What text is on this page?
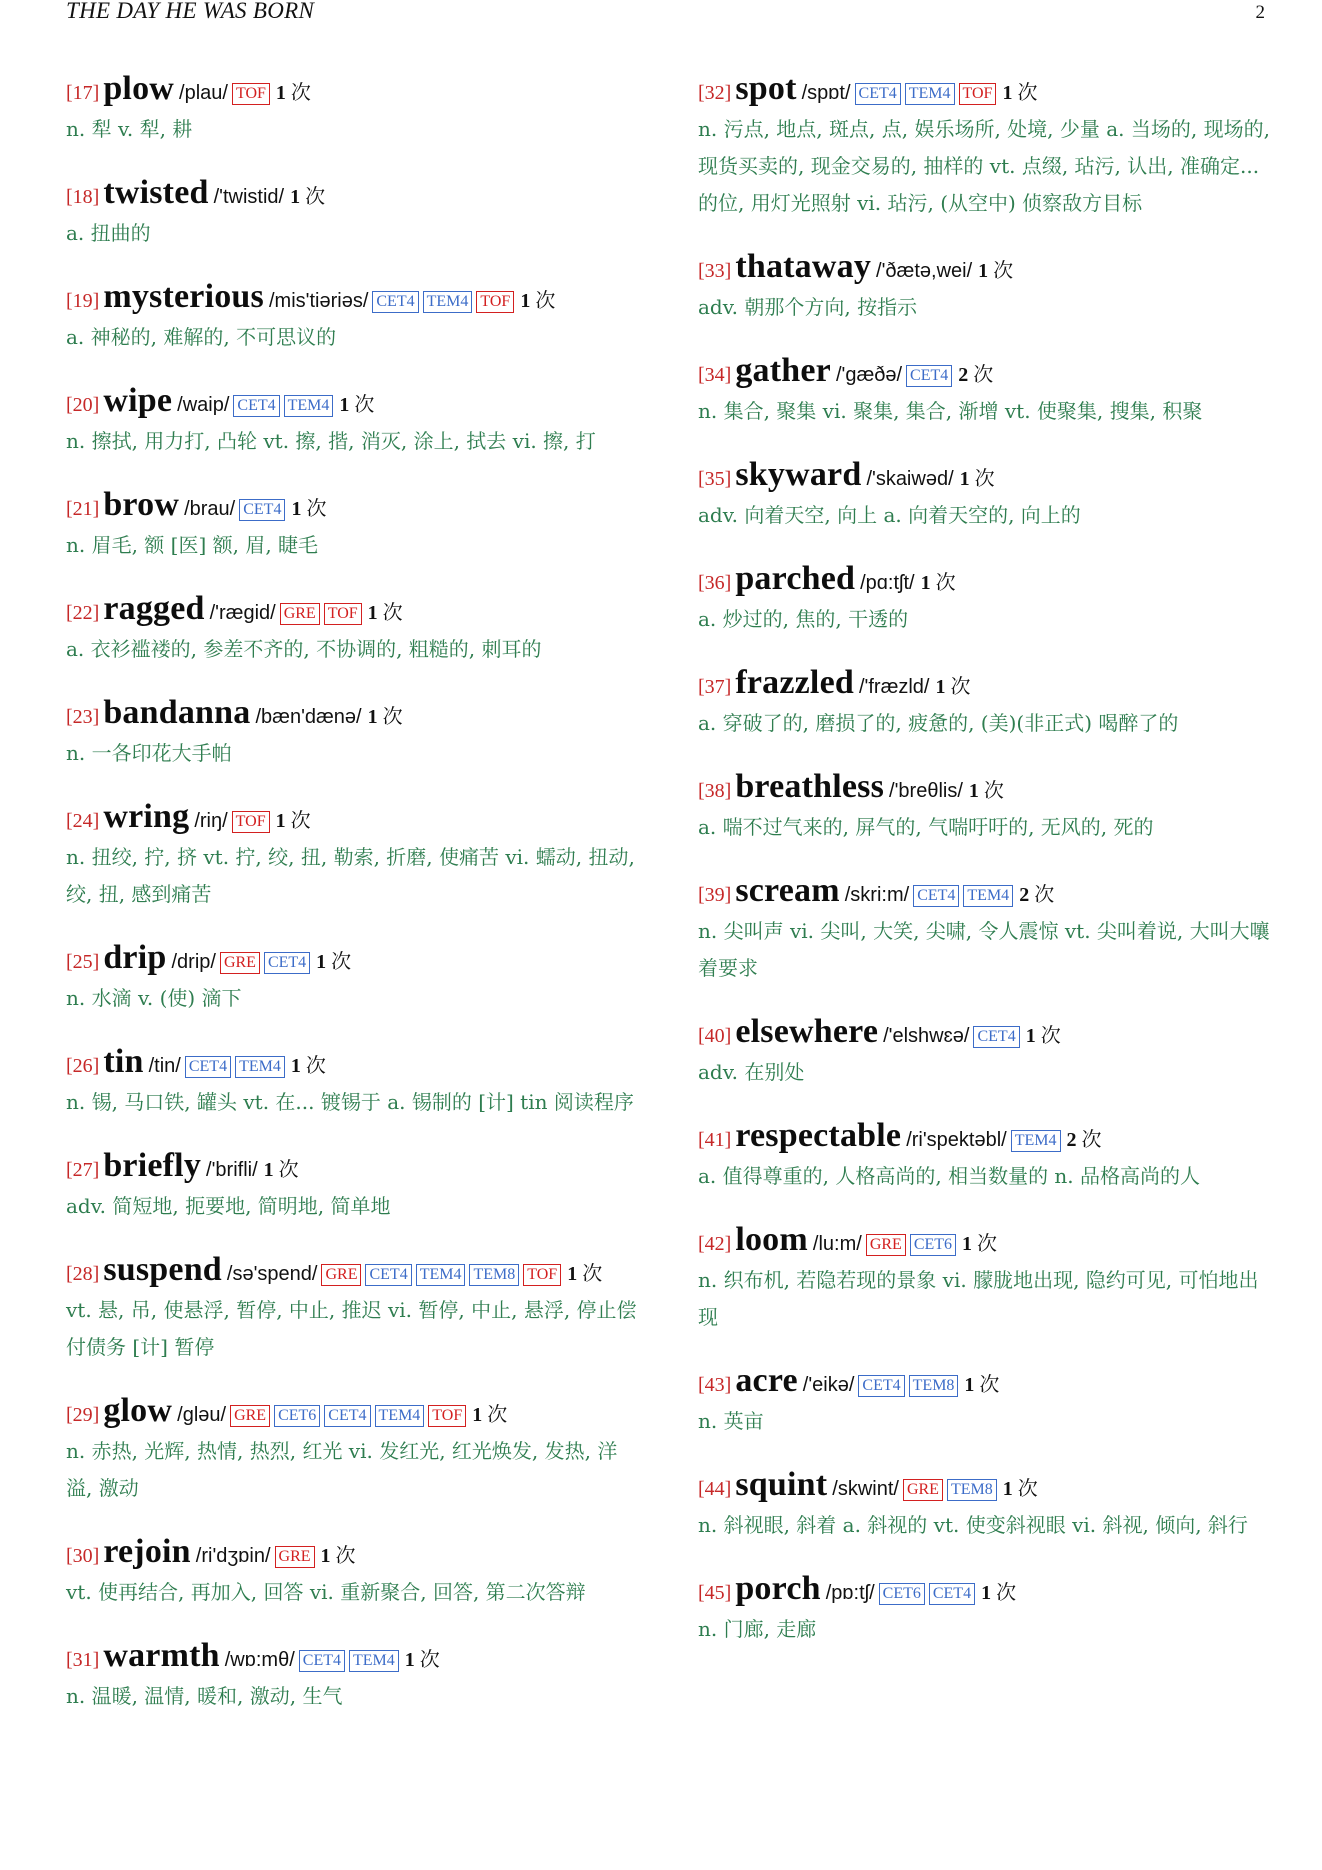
THE DAY HE WAS BORN	2
[17] plow /plau/ TOF 1 次
n. 犁 v. 犁, 耕
[18] twisted /'twistid/ 1 次
a. 扭曲的
[19] mysterious /mis'tiəriəs/ CET4 TEM4 TOF 1 次
a. 神秘的, 难解的, 不可思议的
[20] wipe /waip/ CET4 TEM4 1 次
n. 擦拭, 用力打, 凸轮 vt. 擦, 揩, 消灭, 涂上, 拭去 vi. 擦, 打
[21] brow /brau/ CET4 1 次
n. 眉毛, 额 [医] 额, 眉, 睫毛
[22] ragged /'rægid/ GRE TOF 1 次
a. 衣衫褴褛的, 参差不齐的, 不协调的, 粗糙的, 刺耳的
[23] bandanna /bæn'dænə/ 1 次
n. 一各印花大手帕
[24] wring /riŋ/ TOF 1 次
n. 扭绞, 拧, 挤 vt. 拧, 绞, 扭, 勒索, 折磨, 使痛苦 vi. 蠕动, 扭动, 绞, 扭, 感到痛苦
[25] drip /drip/ GRE CET4 1 次
n. 水滴 v. (使) 滴下
[26] tin /tin/ CET4 TEM4 1 次
n. 锡, 马口铁, 罐头 vt. 在... 镀锡于 a. 锡制的 [计] tin 阅读程序
[27] briefly /'brifli/ 1 次
adv. 简短地, 扼要地, 简明地, 简单地
[28] suspend /sə'spend/ GRE CET4 TEM4 TEM8 TOF 1 次
vt. 悬, 吊, 使悬浮, 暂停, 中止, 推迟 vi. 暂停, 中止, 悬浮, 停止偿付债务 [计] 暂停
[29] glow /gləu/ GRE CET6 CET4 TEM4 TOF 1 次
n. 赤热, 光辉, 热情, 热烈, 红光 vi. 发红光, 红光焕发, 发热, 洋溢, 激动
[30] rejoin /ri'dʒɒin/ GRE 1 次
vt. 使再结合, 再加入, 回答 vi. 重新聚合, 回答, 第二次答辩
[31] warmth /wɒ:mθ/ CET4 TEM4 1 次
n. 温暖, 温情, 暖和, 激动, 生气
[32] spot /spɒt/ CET4 TEM4 TOF 1 次
n. 污点, 地点, 斑点, 点, 娱乐场所, 处境, 少量 a. 当场的, 现场的, 现货买卖的, 现金交易的, 抽样的 vt. 点缀, 玷污, 认出, 准确定... 的位, 用灯光照射 vi. 玷污, (从空中) 侦察敌方目标
[33] thataway /'ðætə,wei/ 1 次
adv. 朝那个方向, 按指示
[34] gather /'gæðə/ CET4 2 次
n. 集合, 聚集 vi. 聚集, 集合, 渐增 vt. 使聚集, 搜集, 积聚
[35] skyward /'skaiwəd/ 1 次
adv. 向着天空, 向上 a. 向着天空的, 向上的
[36] parched /pɑ:tʃt/ 1 次
a. 炒过的, 焦的, 干透的
[37] frazzled /'fræzld/ 1 次
a. 穿破了的, 磨损了的, 疲惫的, (美)(非正式) 喝醉了的
[38] breathless /'breθlis/ 1 次
a. 喘不过气来的, 屏气的, 气喘吁吁的, 无风的, 死的
[39] scream /skri:m/ CET4 TEM4 2 次
n. 尖叫声 vi. 尖叫, 大笑, 尖啸, 令人震惊 vt. 尖叫着说, 大叫大嚷着要求
[40] elsewhere /'elshwɛə/ CET4 1 次
adv. 在别处
[41] respectable /ri'spektəbl/ TEM4 2 次
a. 值得尊重的, 人格高尚的, 相当数量的 n. 品格高尚的人
[42] loom /lu:m/ GRE CET6 1 次
n. 织布机, 若隐若现的景象 vi. 朦胧地出现, 隐约可见, 可怕地出现
[43] acre /'eikə/ CET4 TEM8 1 次
n. 英亩
[44] squint /skwint/ GRE TEM8 1 次
n. 斜视眼, 斜着 a. 斜视的 vt. 使变斜视眼 vi. 斜视, 倾向, 斜行
[45] porch /pɒ:tʃ/ CET6 CET4 1 次
n. 门廊, 走廊
